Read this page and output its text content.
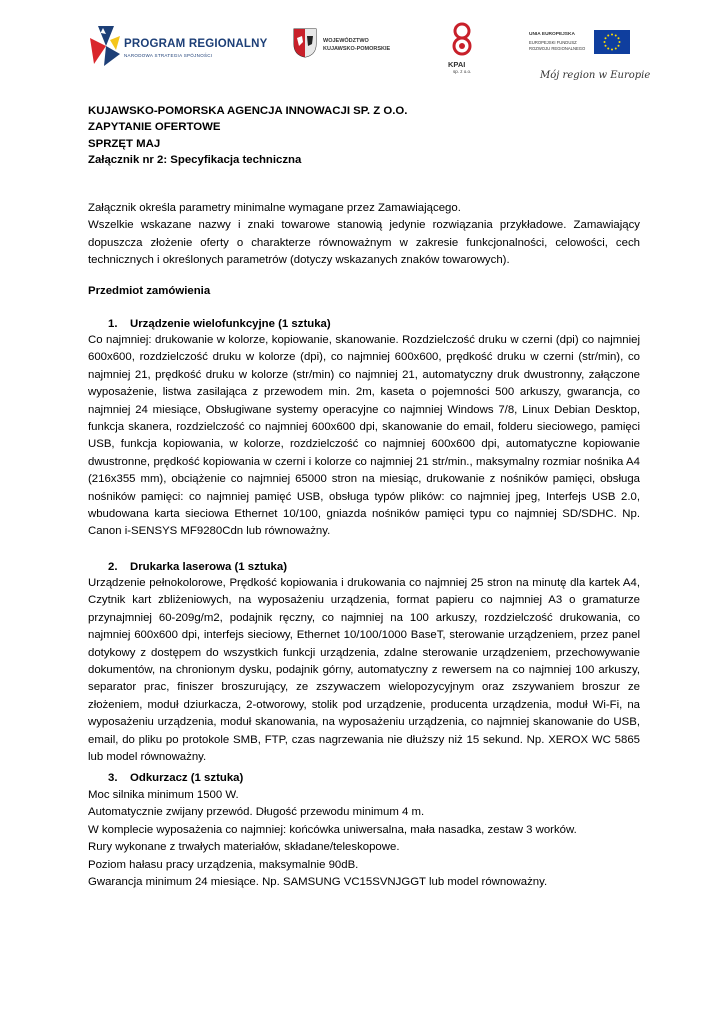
PROGRAM REGIONALNY
NARODOWA STRATEGIA SPÓJNOŚCI
WOJEWÓDZTWO
KUJAWSKO-POMORSKIE
KPAI
sp. z o.o.
UNIA EUROPEJSKA
EUROPEJSKI FUNDUSZ
ROZWOJU REGIONALNEGO
Mój region w Europie
KUJAWSKO-POMORSKA AGENCJA INNOWACJI SP. Z O.O.
ZAPYTANIE OFERTOWE
SPRZĘT MAJ
Załącznik nr 2: Specyfikacja techniczna

Załącznik określa parametry minimalne wymagane przez Zamawiającego.

Wszelkie wskazane nazwy i znaki towarowe stanowią jedynie rozwiązania przykładowe. Zamawiający dopuszcza złożenie oferty o charakterze równoważnym w zakresie funkcjonalności, celowości, cech technicznych i określonych parametrów (dotyczy wskazanych znaków towarowych).

Przedmiot zamówienia
1. Urządzenie wielofunkcyjne (1 sztuka)
Co najmniej: drukowanie w kolorze, kopiowanie, skanowanie. Rozdzielczość druku w czerni (dpi) co najmniej 600x600, rozdzielczość druku w kolorze (dpi), co najmniej 600x600, prędkość druku w czerni (str/min), co najmniej 21, prędkość druku w kolorze (str/min) co najmniej 21, automatyczny druk dwustronny, załączone wyposażenie, listwa zasilająca z przewodem min. 2m, kaseta o pojemności 500 arkuszy, gwarancja, co najmniej 24 miesiące, Obsługiwane systemy operacyjne co najmniej Windows 7/8, Linux Debian Desktop, funkcja skanera, rozdzielczość co najmniej 600x600 dpi, skanowanie do email, folderu sieciowego, pamięci USB, funkcja kopiowania, w kolorze, rozdzielczość co najmniej 600x600 dpi, automatyczne kopiowanie dwustronne, prędkość kopiowania w czerni i kolorze co najmniej 21 str/min., maksymalny rozmiar nośnika A4 (216x355 mm), obciążenie co najmniej 65000 stron na miesiąc, drukowanie z nośników pamięci, obsługa nośników pamięci: co najmniej pamięć USB, obsługa typów plików: co najmniej jpeg, Interfejs USB 2.0, wbudowana karta sieciowa Ethernet 10/100, gniazda nośników pamięci typu co najmniej SD/SDHC. Np. Canon i-SENSYS MF9280Cdn lub równoważny.
2. Drukarka laserowa (1 sztuka)
Urządzenie pełnokolorowe, Prędkość kopiowania i drukowania co najmniej 25 stron na minutę dla kartek A4, Czytnik kart zbliżeniowych, na wyposażeniu urządzenia, format papieru co najmniej A3 o gramaturze przynajmniej 60-209g/m2, podajnik ręczny, co najmniej na 100 arkuszy, rozdzielczość drukowania, co najmniej 600x600 dpi, interfejs sieciowy, Ethernet 10/100/1000 BaseT, sterowanie urządzeniem, przez panel dotykowy z dostępem do wszystkich funkcji urządzenia, zdalne sterowanie urządzeniem, przechowywanie dokumentów, na chronionym dysku, podajnik górny, automatyczny z rewersem na co najmniej 100 arkuszy, separator prac, finiszer broszurujący, ze zszywaczem wielopozycyjnym oraz zszywaniem broszur ze złożeniem, moduł dziurkacza, 2-otworowy, stolik pod urządzenie, producenta urządzenia, moduł Wi-Fi, na wyposażeniu urządzenia, moduł skanowania, na wyposażeniu urządzenia, co najmniej skanowanie do USB, email, do pliku po protokole SMB, FTP, czas nagrzewania nie dłuższy niż 15 sekund. Np. XEROX WC 5865 lub model równoważny.
3. Odkurzacz (1 sztuka)
Moc silnika minimum 1500 W.
Automatycznie zwijany przewód. Długość przewodu minimum 4 m.
W komplecie wyposażenia co najmniej: końcówka uniwersalna, mała nasadka, zestaw 3 worków.
Rury wykonane z trwałych materiałów, składane/teleskopowe.
Poziom hałasu pracy urządzenia, maksymalnie 90dB.
Gwarancja minimum 24 miesiące. Np. SAMSUNG VC15SVNJGGT lub model równoważny.
